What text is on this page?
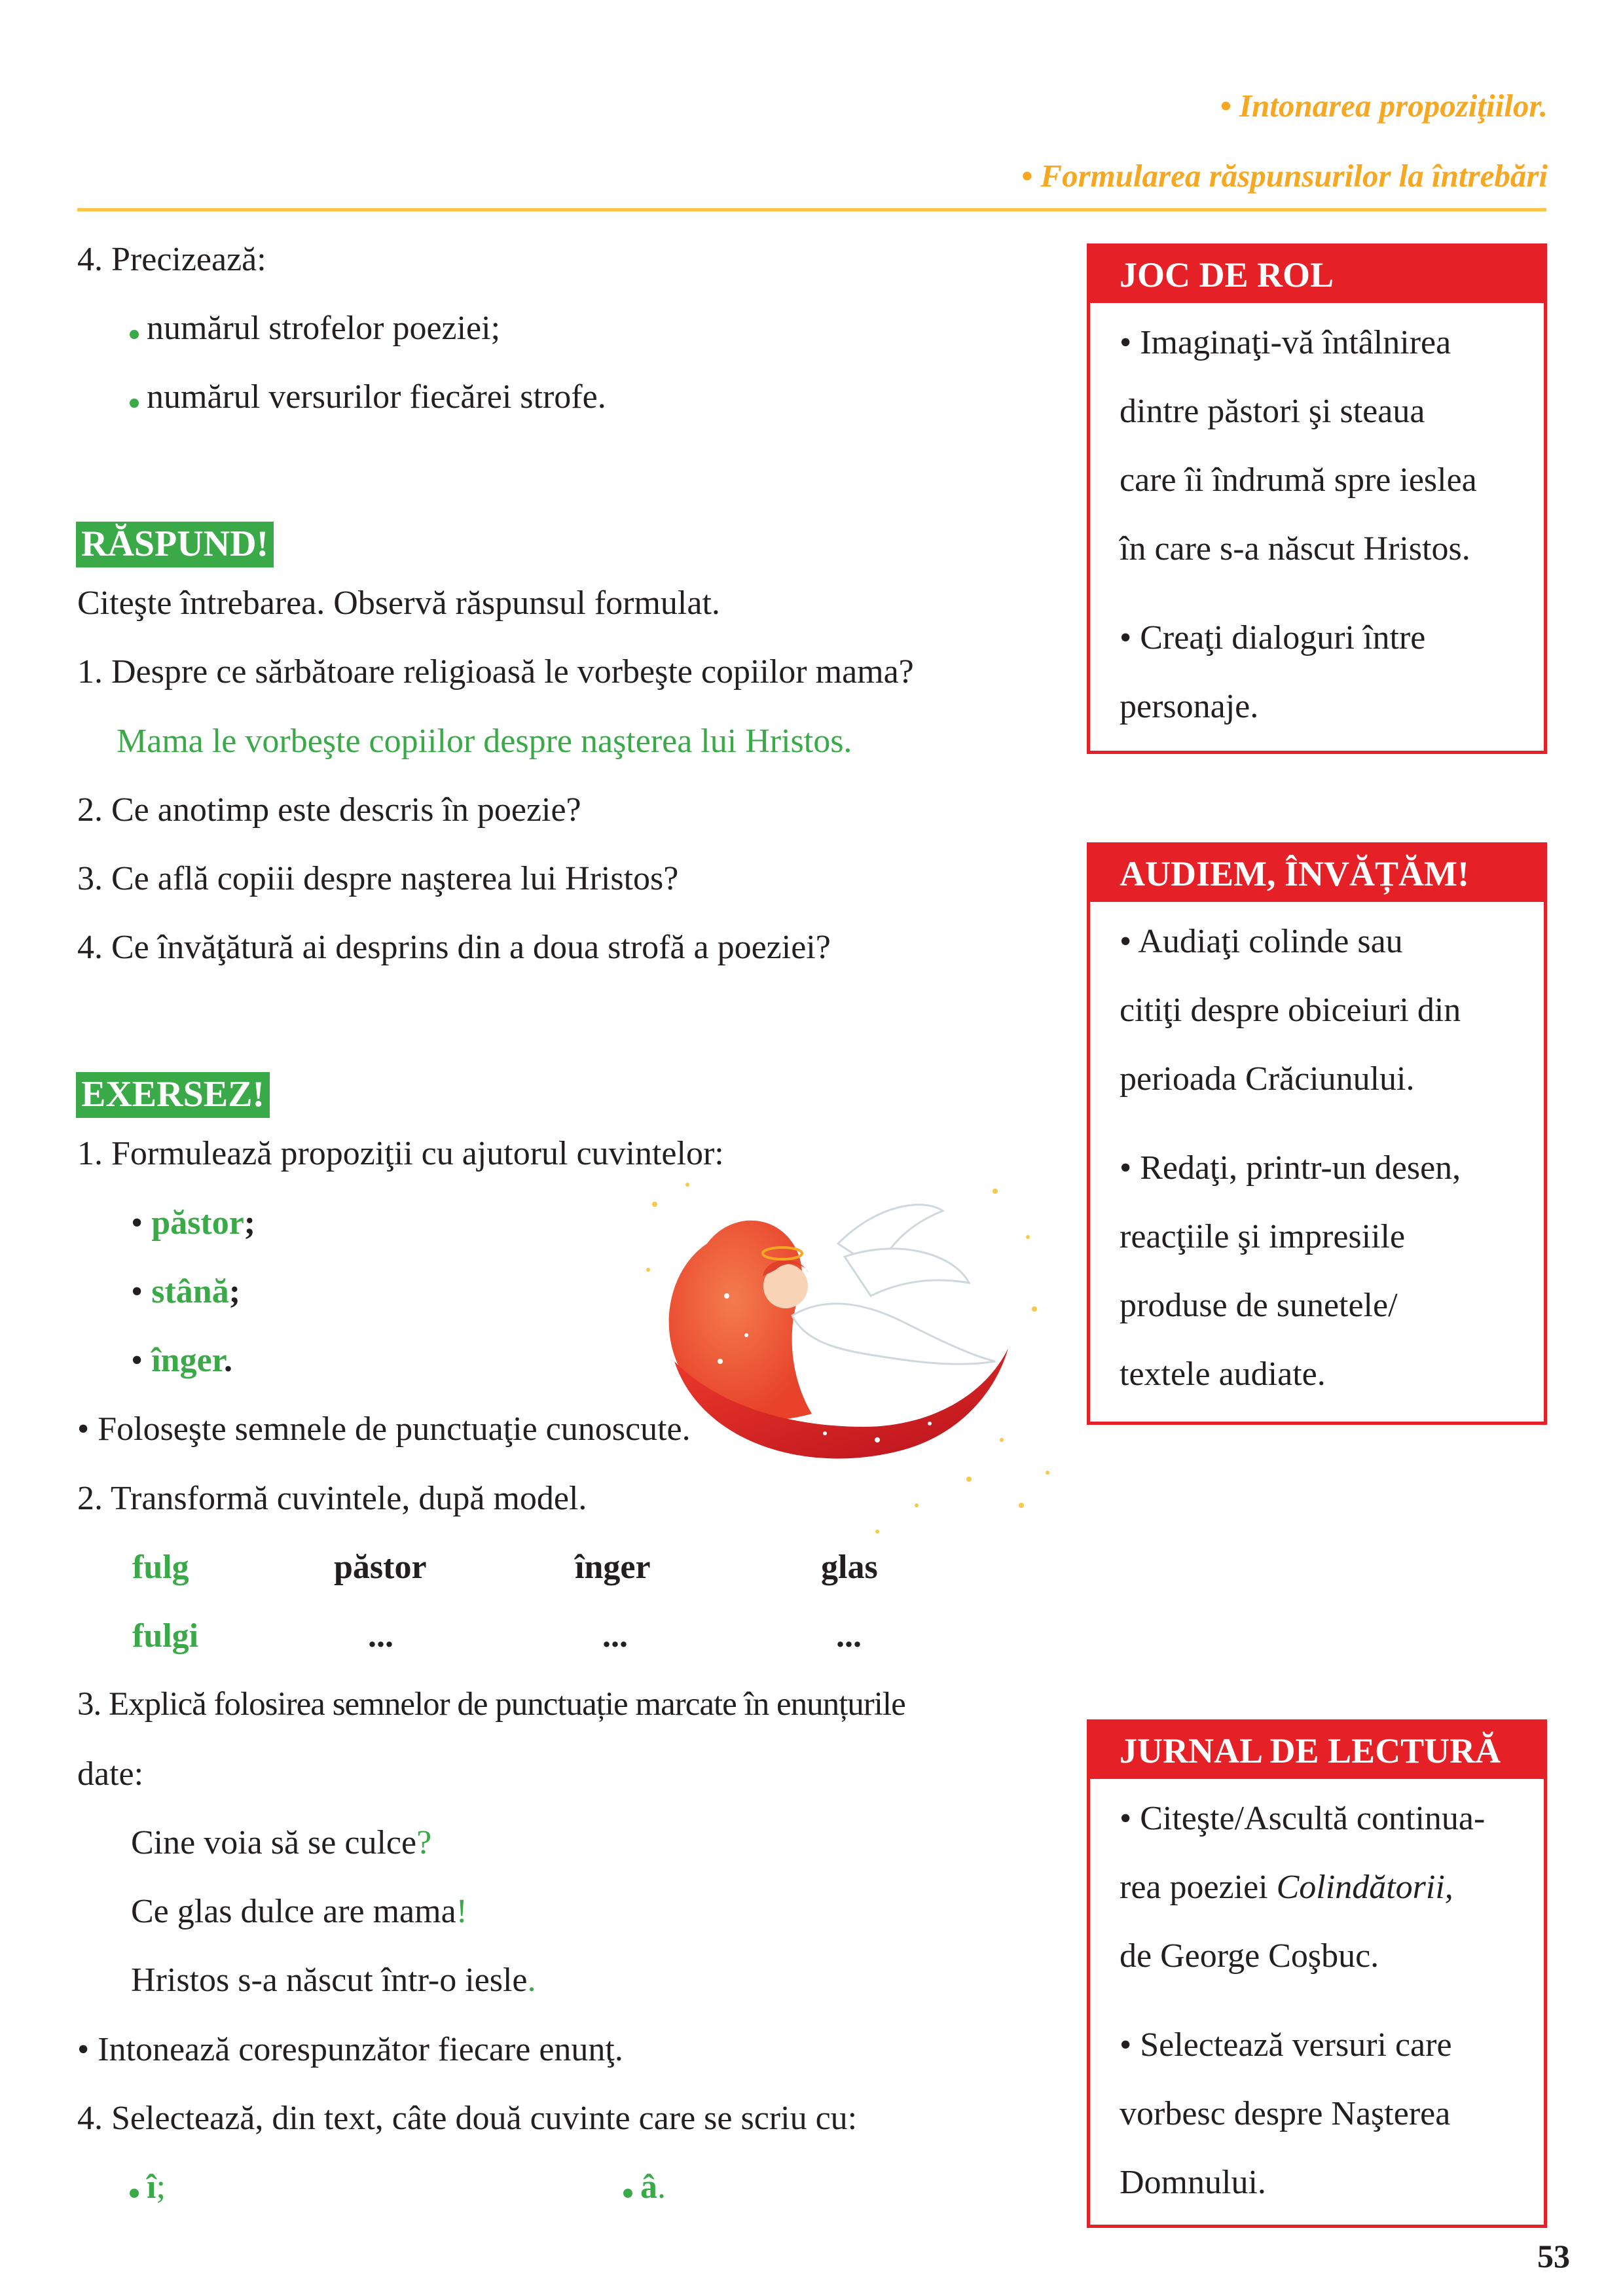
• Intonarea propoziţiilor.
• Formularea răspunsurilor la întrebări
4. Precizează:
numărul strofelor poeziei;
numărul versurilor fiecărei strofe.
RĂSPUND!
Citeşte întrebarea. Observă răspunsul formulat.
1. Despre ce sărbătoare religioasă le vorbeşte copiilor mama?
Mama le vorbeşte copiilor despre naşterea lui Hristos.
2. Ce anotimp este descris în poezie?
3. Ce află copiii despre naşterea lui Hristos?
4. Ce învăţătură ai desprins din a doua strofă a poeziei?
EXERSEZ!
1. Formulează propoziţii cu ajutorul cuvintelor:
• păstor;
• stână;
• înger.
• Foloseşte semnele de punctuaţie cunoscute.
2. Transformă cuvintele, după model.
fulg	păstor	înger	glas
fulgi	...	...	...
3. Explică folosirea semnelor de punctuație marcate în enunțurile
date:
Cine voia să se culce?
Ce glas dulce are mama!
Hristos s-a născut într-o iesle.
• Intonează corespunzător fiecare enunţ.
4. Selectează, din text, câte două cuvinte care se scriu cu:
î;	â.
JOC DE ROL
• Imaginaţi-vă întâlnirea
dintre păstori şi steaua
care îi îndrumă spre ieslea
în care s-a născut Hristos.
• Creaţi dialoguri între
personaje.
AUDIEM, ÎNVĂȚĂM!
• Audiaţi colinde sau
citiţi despre obiceiuri din
perioada Crăciunului.
• Redaţi, printr-un desen,
reacţiile şi impresiile
produse de sunetele/
textele audiate.
JURNAL DE LECTURĂ
• Citeşte/Ascultă continua-
rea poeziei Colindătorii,
de George Coşbuc.
• Selectează versuri care
vorbesc despre Naşterea
Domnului.
53
